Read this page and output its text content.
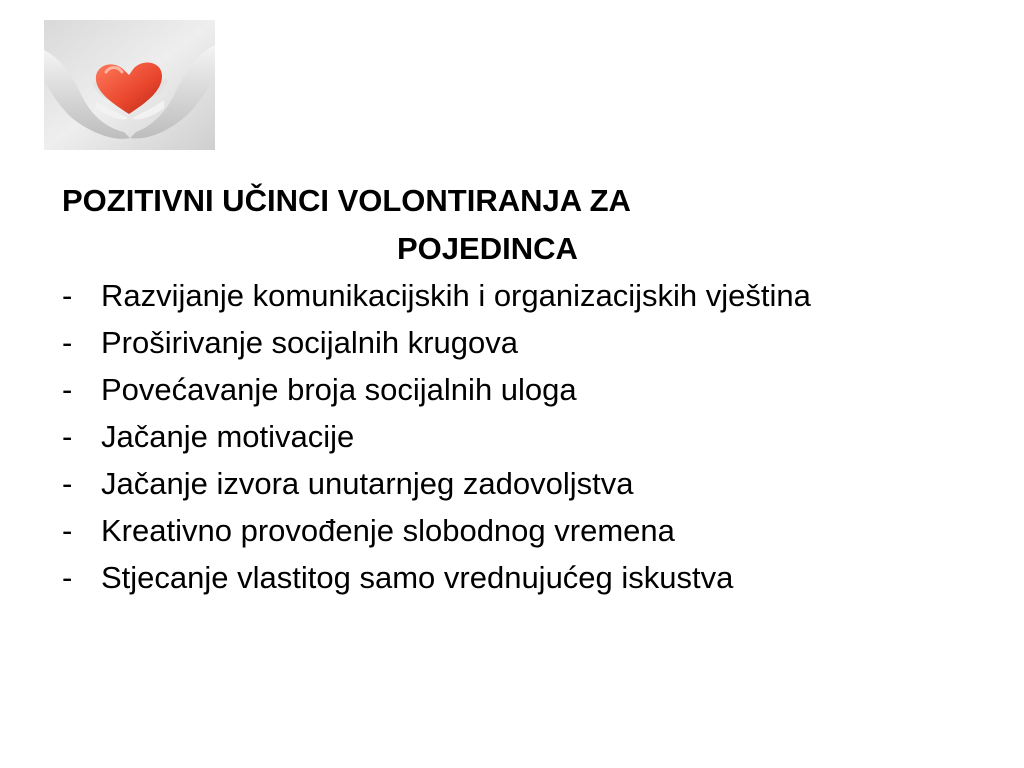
POZITIVNI UČINCI VOLONTIRANJA ZA
POJEDINCA
- Razvijanje komunikacijskih i organizacijskih vještina
- Proširivanje socijalnih krugova
- Povećavanje broja socijalnih uloga
- Jačanje motivacije
- Jačanje izvora unutarnjeg zadovoljstva
- Kreativno provođenje slobodnog vremena
- Stjecanje vlastitog samo vrednujućeg iskustva
